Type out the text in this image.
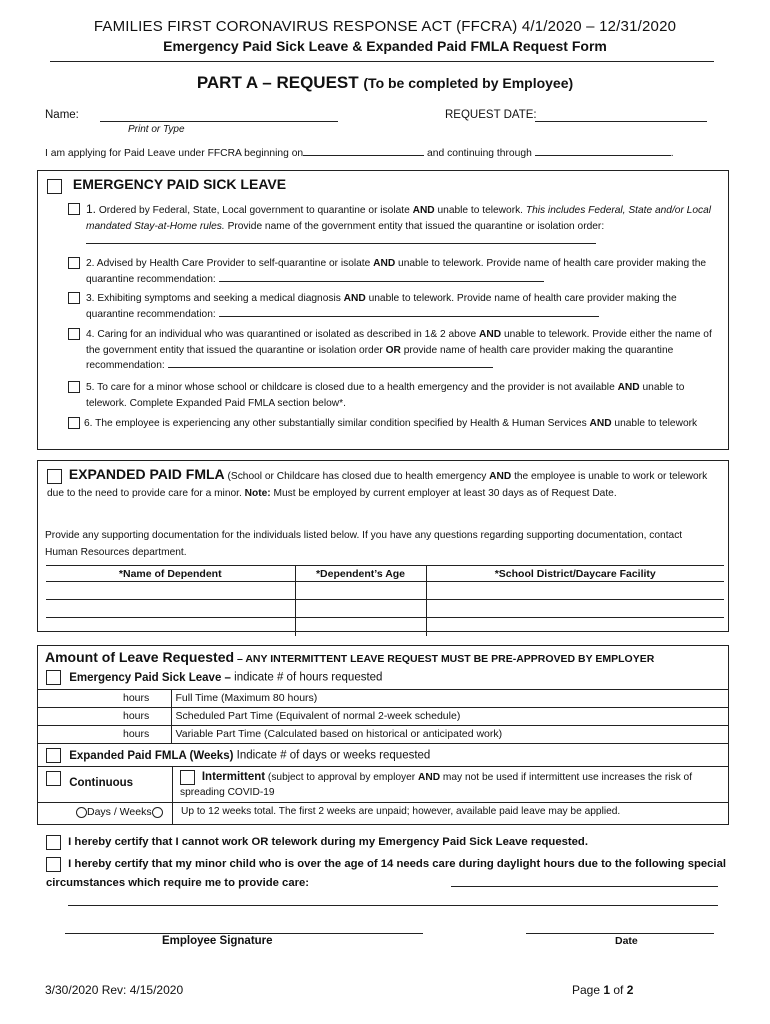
FAMILIES FIRST CORONAVIRUS RESPONSE ACT (FFCRA) 4/1/2020 – 12/31/2020
Emergency Paid Sick Leave & Expanded Paid FMLA Request Form
PART A – REQUEST (To be completed by Employee)
Name:
Print or Type
REQUEST DATE:
I am applying for Paid Leave under FFCRA beginning on	and continuing through	.
EMERGENCY PAID SICK LEAVE
1. Ordered by Federal, State, Local government to quarantine or isolate AND unable to telework. This includes Federal, State and/or Local mandated Stay-at-Home rules. Provide name of the government entity that issued the quarantine or isolation order:
2. Advised by Health Care Provider to self-quarantine or isolate AND unable to telework. Provide name of health care provider making the quarantine recommendation:
3. Exhibiting symptoms and seeking a medical diagnosis AND unable to telework. Provide name of health care provider making the quarantine recommendation:
4. Caring for an individual who was quarantined or isolated as described in 1& 2 above AND unable to telework. Provide either the name of the government entity that issued the quarantine or isolation order OR provide name of health care provider making the quarantine recommendation:
5. To care for a minor whose school or childcare is closed due to a health emergency and the provider is not available AND unable to telework. Complete Expanded Paid FMLA section below*.
6. The employee is experiencing any other substantially similar condition specified by Health & Human Services AND unable to telework
EXPANDED PAID FMLA (School or Childcare has closed due to health emergency AND the employee is unable to work or telework due to the need to provide care for a minor. Note: Must be employed by current employer at least 30 days as of Request Date.
Provide any supporting documentation for the individuals listed below. If you have any questions regarding supporting documentation, contact Human Resources department.
*Name of Dependent	*Dependent’s Age	*School District/Daycare Facility

Amount of Leave Requested – ANY INTERMITTENT LEAVE REQUEST MUST BE PRE-APPROVED BY EMPLOYER
Emergency Paid Sick Leave – indicate # of hours requested
	hours	Full Time (Maximum 80 hours)
	hours	Scheduled Part Time (Equivalent of normal 2-week schedule)
	hours	Variable Part Time (Calculated based on historical or anticipated work)
Expanded Paid FMLA (Weeks) Indicate # of days or weeks requested
Continuous	Intermittent (subject to approval by employer AND may not be used if intermittent use increases the risk of spreading COVID-19
Days / Weeks	Up to 12 weeks total. The first 2 weeks are unpaid; however, available paid leave may be applied.
I hereby certify that I cannot work OR telework during my Emergency Paid Sick Leave requested.
I hereby certify that my minor child who is over the age of 14 needs care during daylight hours due to the following special circumstances which require me to provide care:
Employee Signature	Date
3/30/2020 Rev: 4/15/2020	Page 1 of 2
